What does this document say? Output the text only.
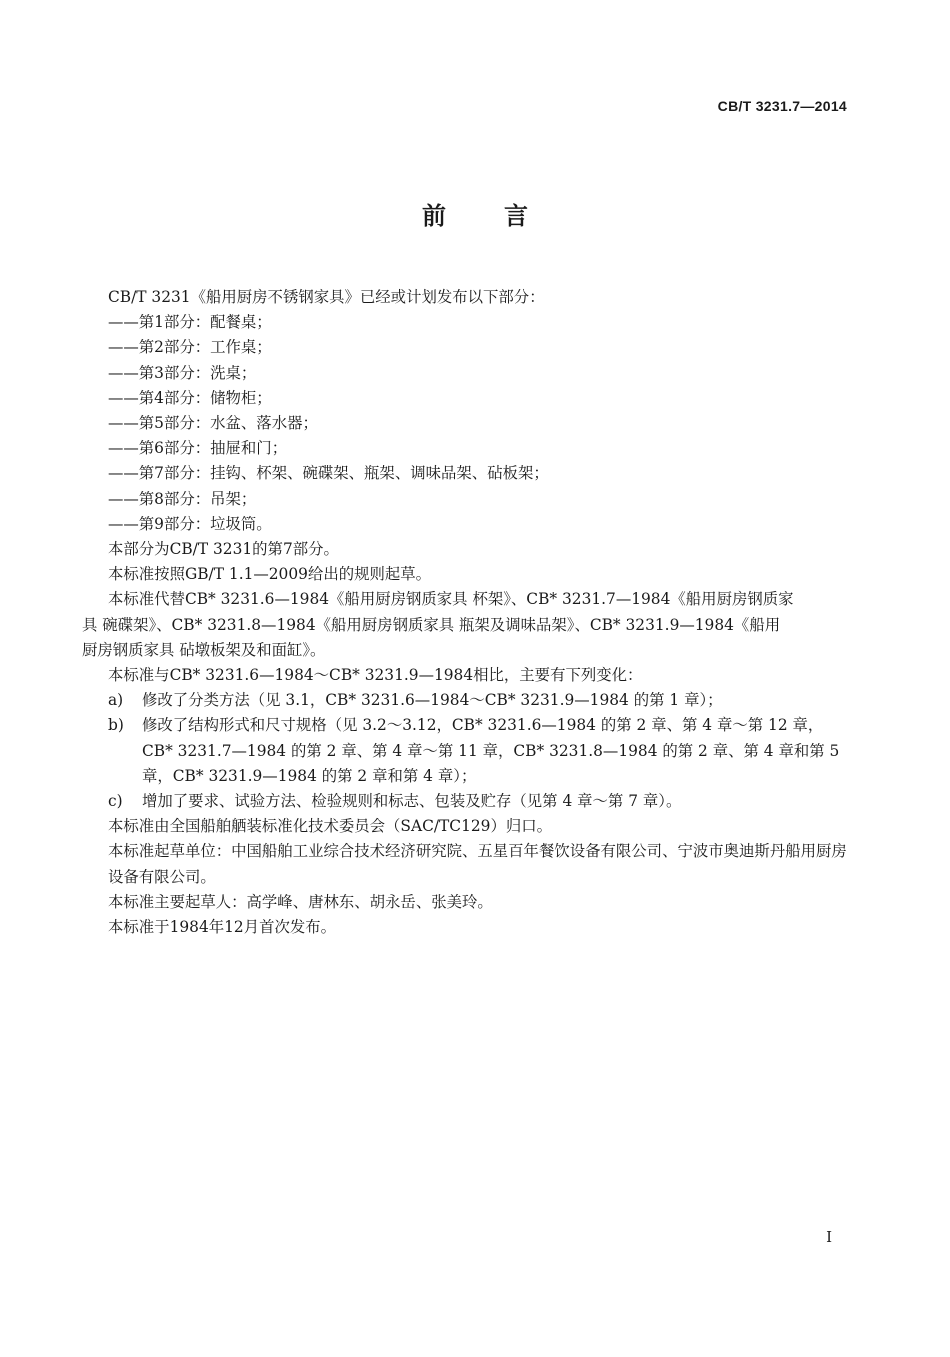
CB/T 3231.7—2014
前言

CB/T 3231《船用厨房不锈钢家具》已经或计划发布以下部分：

——第1部分：配餐桌；

——第2部分：工作桌；

——第3部分：洗桌；

——第4部分：储物柜；

——第5部分：水盆、落水器；

——第6部分：抽屉和门；

——第7部分：挂钩、杯架、碗碟架、瓶架、调味品架、砧板架；

——第8部分：吊架；

——第9部分：垃圾筒。

本部分为CB/T 3231的第7部分。

本标准按照GB/T 1.1—2009给出的规则起草。

本标准代替CB* 3231.6—1984《船用厨房钢质家具 杯架》、CB* 3231.7—1984《船用厨房钢质家

具 碗碟架》、CB* 3231.8—1984《船用厨房钢质家具 瓶架及调味品架》、CB* 3231.9—1984《船用

厨房钢质家具 砧墩板架及和面缸》。

本标准与CB* 3231.6—1984～CB* 3231.9—1984相比，主要有下列变化：

a)	修改了分类方法（见 3.1，CB* 3231.6—1984～CB* 3231.9—1984 的第 1 章）；
b)	修改了结构形式和尺寸规格（见 3.2～3.12，CB* 3231.6—1984 的第 2 章、第 4 章～第 12 章，CB* 3231.7—1984 的第 2 章、第 4 章～第 11 章，CB* 3231.8—1984 的第 2 章、第 4 章和第 5 章，CB* 3231.9—1984 的第 2 章和第 4 章）；
c)	增加了要求、试验方法、检验规则和标志、包装及贮存（见第 4 章～第 7 章）。

本标准由全国船舶舾装标准化技术委员会（SAC/TC129）归口。

本标准起草单位：中国船舶工业综合技术经济研究院、五星百年餐饮设备有限公司、宁波市奥迪斯丹船用厨房设备有限公司。

本标准主要起草人：高学峰、唐林东、胡永岳、张美玲。

本标准于1984年12月首次发布。

I
